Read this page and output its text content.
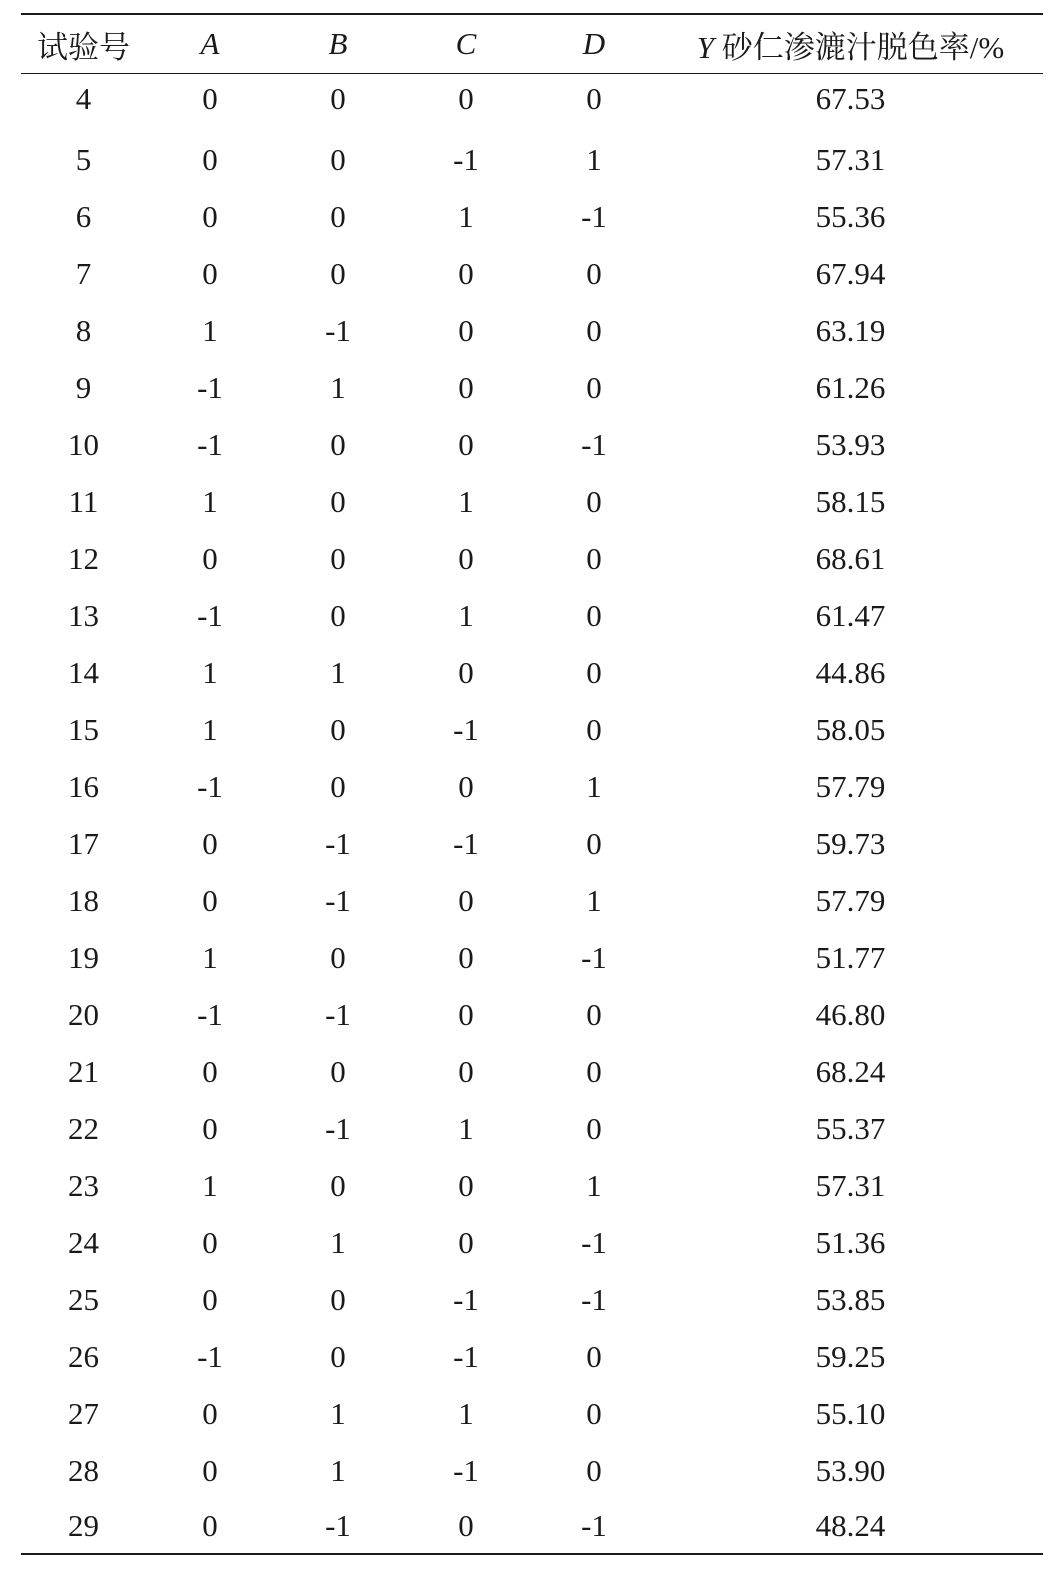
试验号	A	B	C	D	Y 砂仁渗漉汁脱色率/%
4	0	0	0	0	67.53
5	0	0	-1	1	57.31
6	0	0	1	-1	55.36
7	0	0	0	0	67.94
8	1	-1	0	0	63.19
9	-1	1	0	0	61.26
10	-1	0	0	-1	53.93
11	1	0	1	0	58.15
12	0	0	0	0	68.61
13	-1	0	1	0	61.47
14	1	1	0	0	44.86
15	1	0	-1	0	58.05
16	-1	0	0	1	57.79
17	0	-1	-1	0	59.73
18	0	-1	0	1	57.79
19	1	0	0	-1	51.77
20	-1	-1	0	0	46.80
21	0	0	0	0	68.24
22	0	-1	1	0	55.37
23	1	0	0	1	57.31
24	0	1	0	-1	51.36
25	0	0	-1	-1	53.85
26	-1	0	-1	0	59.25
27	0	1	1	0	55.10
28	0	1	-1	0	53.90
29	0	-1	0	-1	48.24
